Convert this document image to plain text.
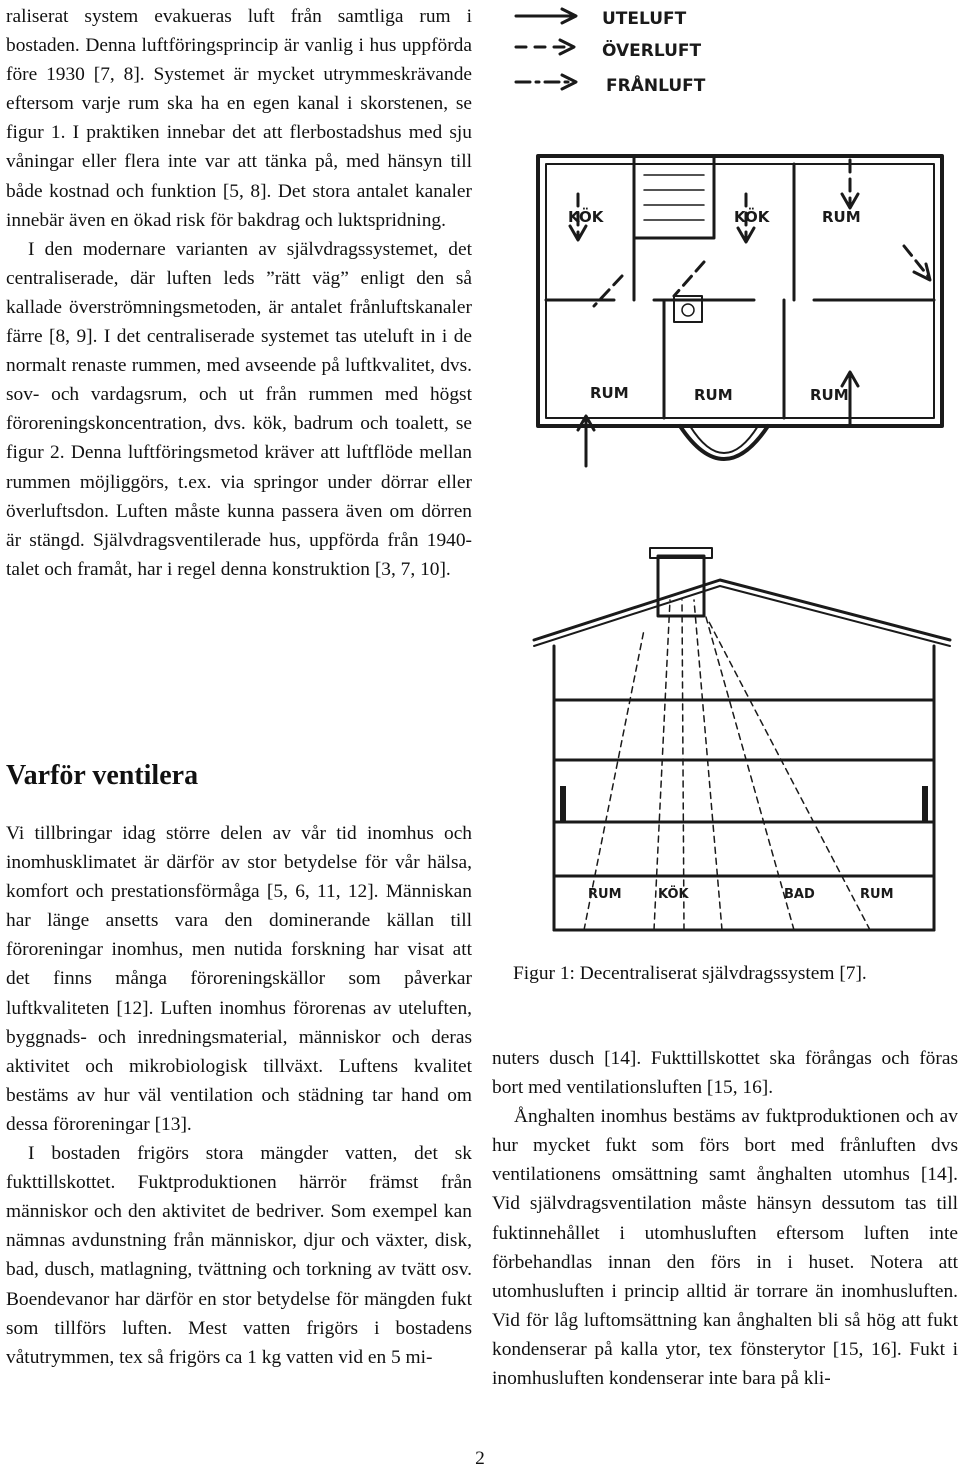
raliserat system evakueras luft från samtliga rum i bostaden. Denna luftföringsprincip är vanlig i hus uppförda före 1930 [7, 8]. Systemet är mycket utrymmeskrävande eftersom varje rum ska ha en egen kanal i skorstenen, se figur 1. I praktiken innebar det att flerbostadshus med sju våningar eller flera inte var att tänka på, med hänsyn till både kostnad och funktion [5, 8]. Det stora antalet kanaler innebär även en ökad risk för bakdrag och luktspridning.

I den modernare varianten av självdragssystemet, det centraliserade, där luften leds ”rätt väg” enligt den så kallade överströmningsmetoden, är antalet frånluftskanaler färre [8, 9]. I det centraliserade systemet tas uteluft in i de normalt renaste rummen, med avseende på luftkvalitet, dvs. sov- och vardagsrum, och ut från rummen med högst föroreningskoncentration, dvs. kök, badrum och toalett, se figur 2. Denna luftföringsmetod kräver att luftflöde mellan rummen möjliggörs, t.ex. via springor under dörrar eller överluftsdon. Luften måste kunna passera även om dörren är stängd. Självdragsventilerade hus, uppförda från 1940-talet och framåt, har i regel denna konstruktion [3, 7, 10].

Varför ventilera

Vi tillbringar idag större delen av vår tid inomhus och inomhusklimatet är därför av stor betydelse för vår hälsa, komfort och prestationsförmåga [5, 6, 11, 12]. Människan har länge ansetts vara den dominerande källan till föroreningar inomhus, men nutida forskning har visat att det finns många föroreningskällor som påverkar luftkvaliteten [12]. Luften inomhus förorenas av uteluften, byggnads- och inredningsmaterial, människor och deras aktivitet och mikrobiologisk tillväxt. Luftens kvalitet bestäms av hur väl ventilation och städning tar hand om dessa föroreningar [13].

I bostaden frigörs stora mängder vatten, det sk fukttillskottet. Fuktproduktionen härrör främst från människor och den aktivitet de bedriver. Som exempel kan nämnas avdunstning från människor, djur och växter, disk, bad, dusch, matlagning, tvättning och torkning av tvätt osv. Boendevanor har därför en stor betydelse för mängden fukt som tillförs luften. Mest vatten frigörs i bostadens våtutrymmen, tex så frigörs ca 1 kg vatten vid en 5 mi-

UTELUFT
ÖVERLUFT
FRÅNLUFT
KÖK	KÖK	RUM
RUM	RUM	RUM
RUM	KÖK	BAD	RUM
Figur 1: Decentraliserat självdragssystem [7].

nuters dusch [14]. Fukttillskottet ska förångas och föras bort med ventilationsluften [15, 16].

Ånghalten inomhus bestäms av fuktproduktionen och av hur mycket fukt som förs bort med frånluften dvs ventilationens omsättning samt ånghalten utomhus [14]. Vid självdragsventilation måste hänsyn dessutom tas till fuktinnehållet i utomhusluften eftersom luften inte förbehandlas innan den förs in i huset. Notera att utomhusluften i princip alltid är torrare än inomhusluften. Vid för låg luftomsättning kan ånghalten bli så hög att fukt kondenserar på kalla ytor, tex fönsterytor [15, 16]. Fukt i inomhusluften kondenserar inte bara på kli-

2
